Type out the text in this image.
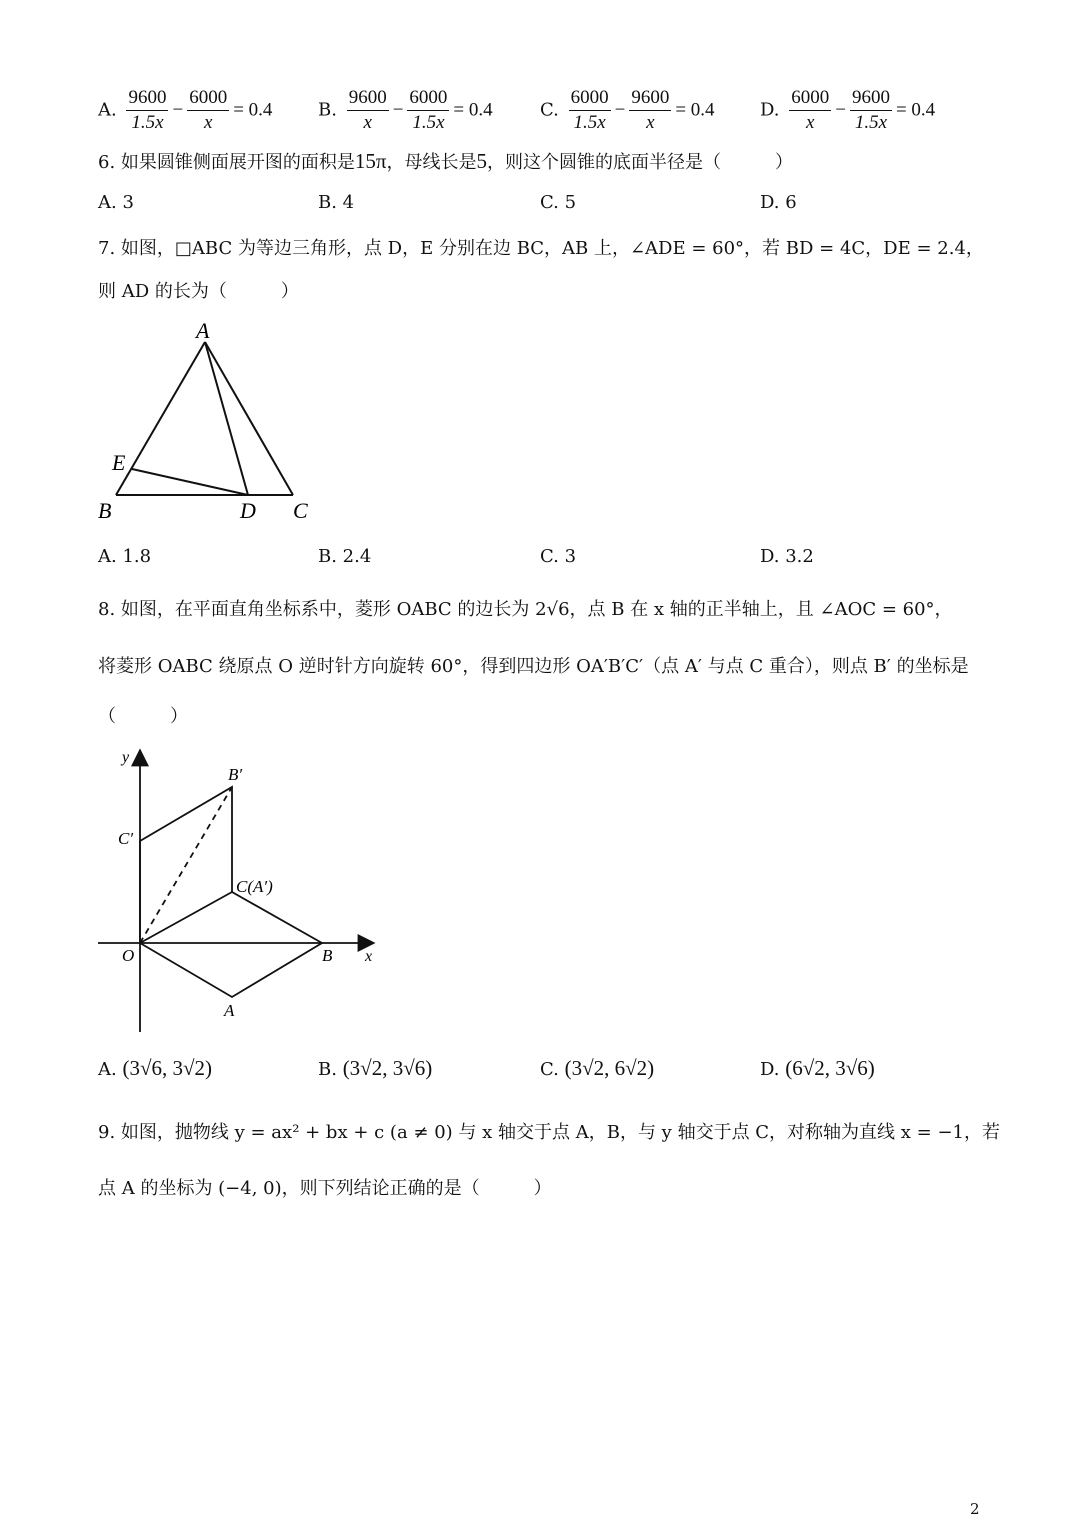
A. $\frac{9600}{1.5x} - \frac{6000}{x} = 0.4$	B. $\frac{9600}{x} - \frac{6000}{1.5x} = 0.4$	C. $\frac{6000}{1.5x} - \frac{9600}{x} = 0.4$	D. $\frac{6000}{x} - \frac{9600}{1.5x} = 0.4$
6. 如果圆锥侧面展开图的面积是15π，母线长是5，则这个圆锥的底面半径是（　　　）
A. 3	B. 4	C. 5	D. 6
7. 如图，□ABC 为等边三角形，点 D，E 分别在边 BC，AB 上，∠ADE = 60°，若 BD = 4C，DE = 2.4，
则 AD 的长为（　　　）
A
E
B	D C
A. 1.8	B. 2.4	C. 3	D. 3.2
8. 如图，在平面直角坐标系中，菱形 OABC 的边长为 2√6，点 B 在 x 轴的正半轴上，且 ∠AOC = 60°，
将菱形 OABC 绕原点 O 逆时针方向旋转 60°，得到四边形 OA′B′C′（点 A′ 与点 C 重合），则点 B′ 的坐标是
（　　　）
y
x
O	B
A
B′
C′
C(A′)
A. (3√6, 3√2)	B. (3√2, 3√6)	C. (3√2, 6√2)	D. (6√2, 3√6)
9. 如图，抛物线 y = ax² + bx + c (a ≠ 0) 与 x 轴交于点 A，B，与 y 轴交于点 C，对称轴为直线 x = −1，若
点 A 的坐标为 (−4, 0)，则下列结论正确的是（　　　）
2
